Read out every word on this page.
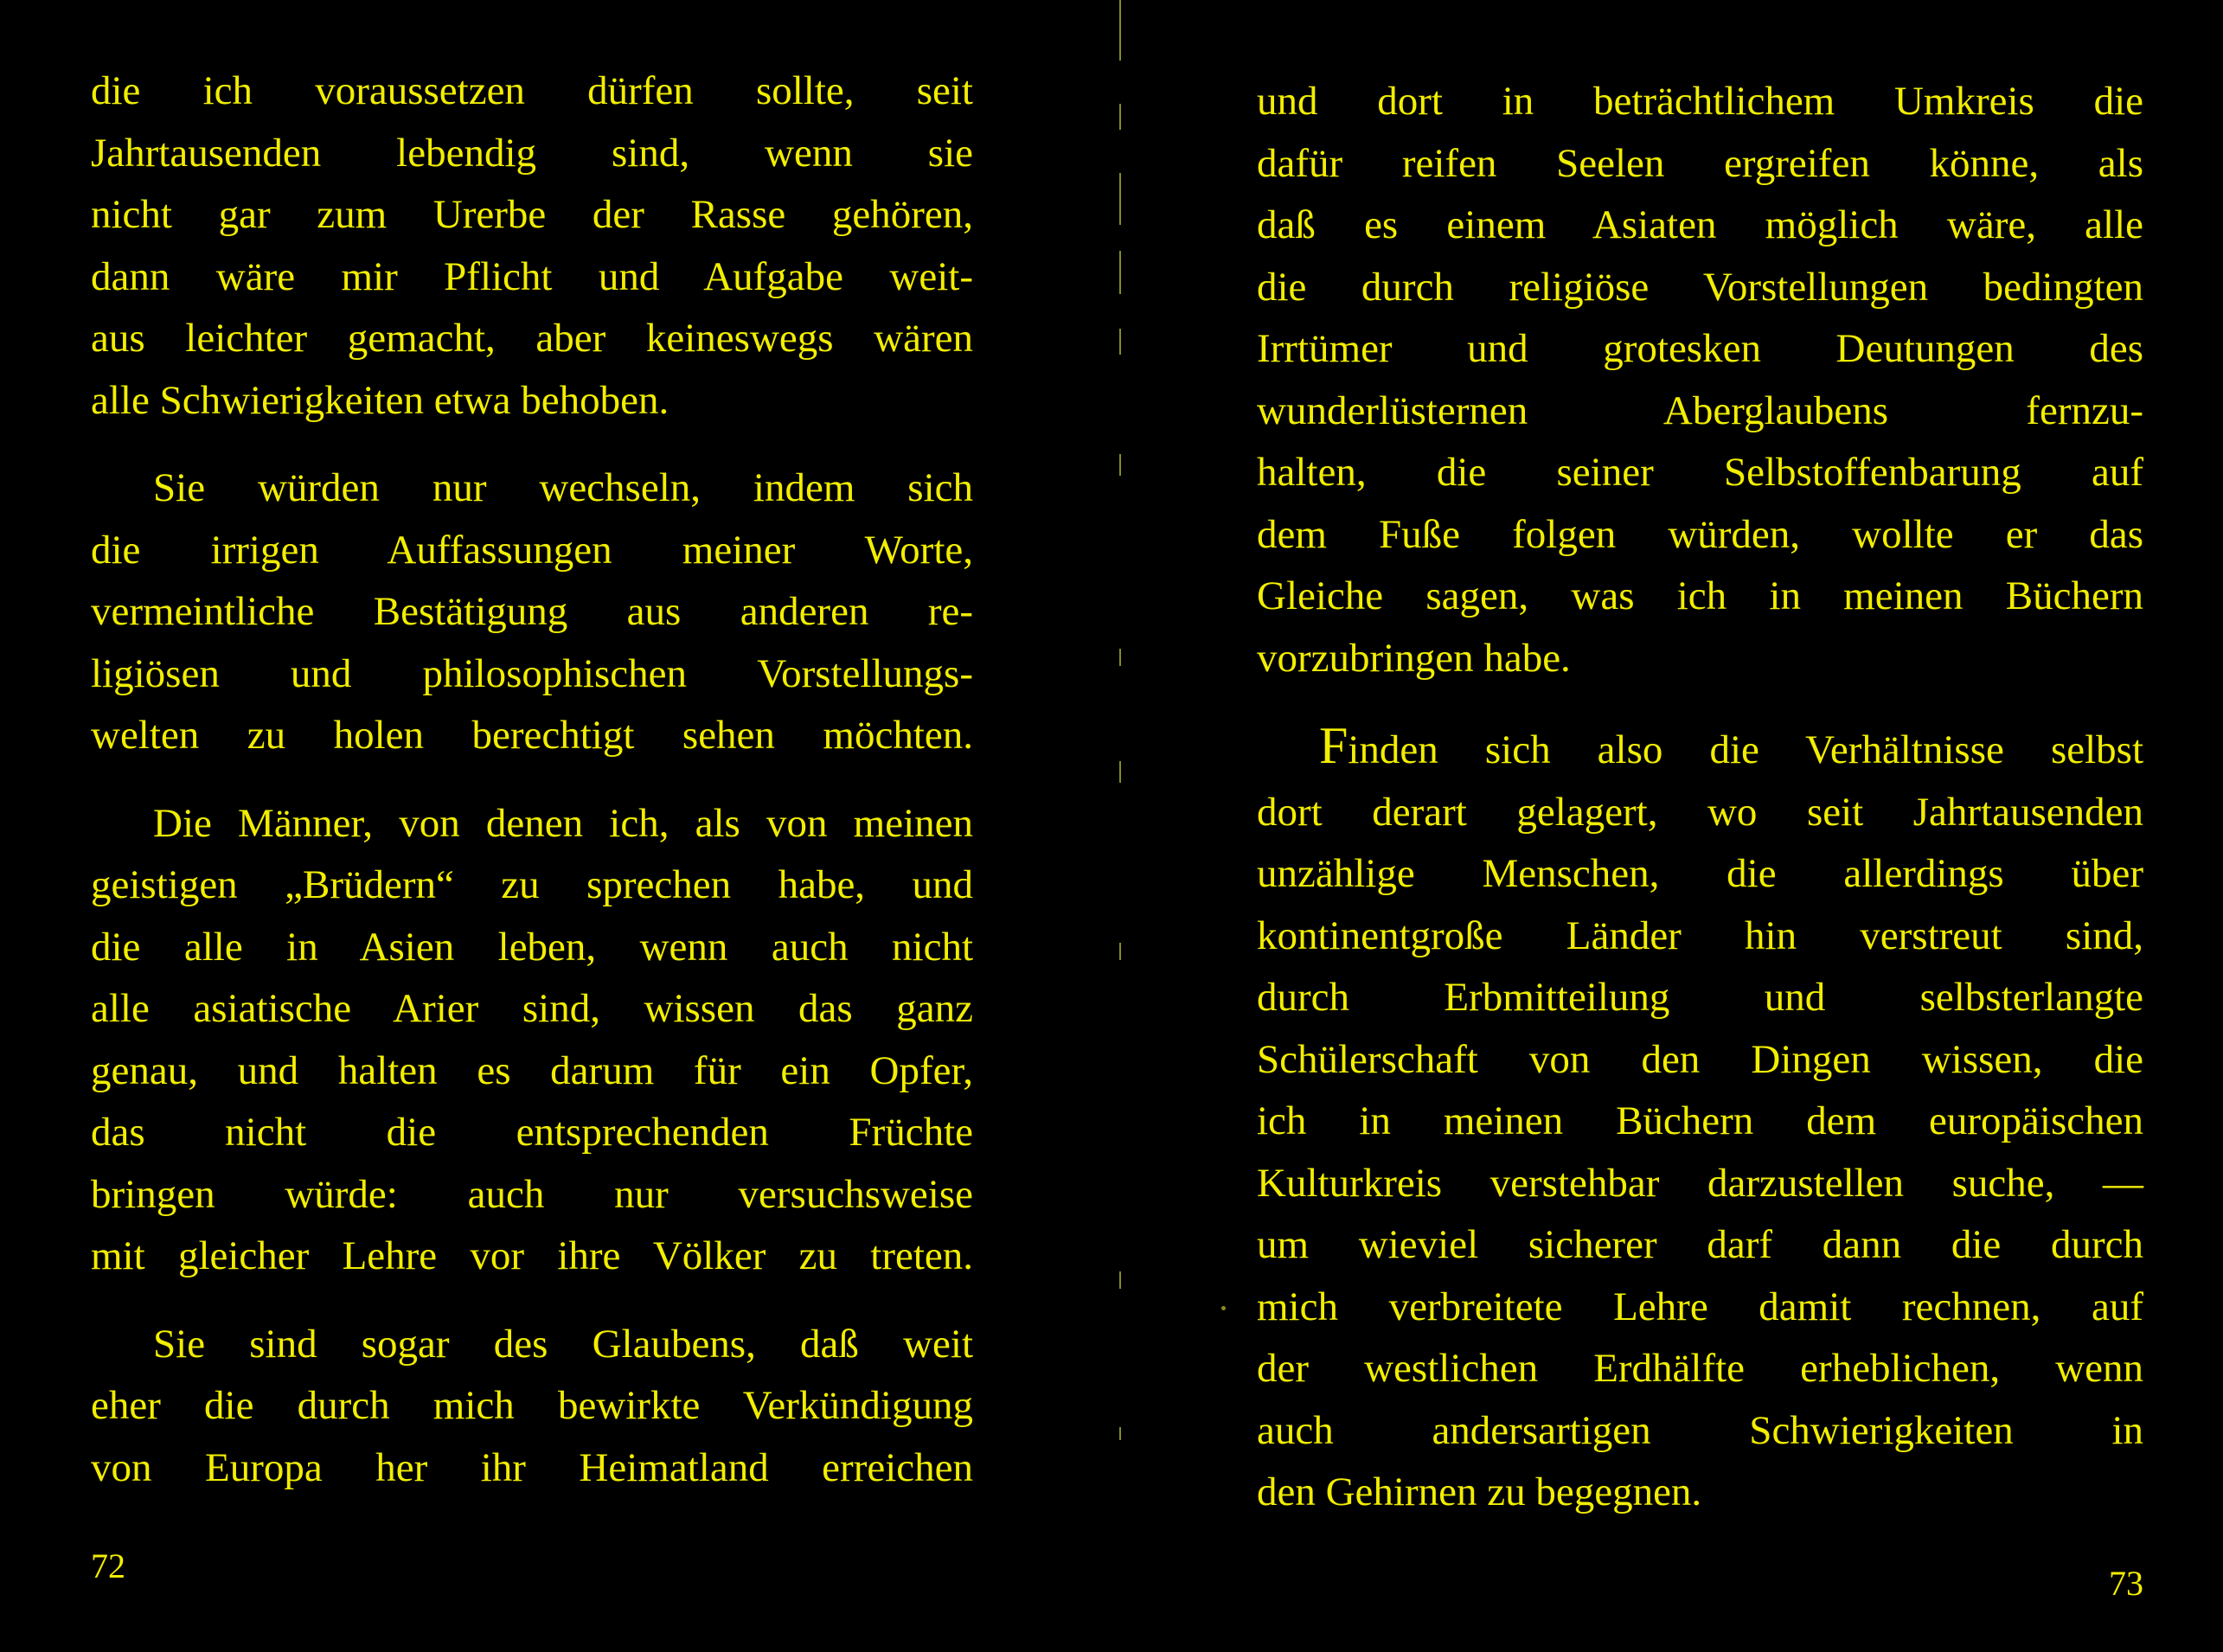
die ich voraussetzen dürfen sollte, seit
Jahrtausenden lebendig sind, wenn sie
nicht gar zum Urerbe der Rasse gehören,
dann wäre mir Pflicht und Aufgabe weit-
aus leichter gemacht, aber keineswegs wären
alle Schwierigkeiten etwa behoben.

Sie würden nur wechseln, indem sich
die irrigen Auffassungen meiner Worte,
vermeintliche Bestätigung aus anderen re-
ligiösen und philosophischen Vorstellungs-
welten zu holen berechtigt sehen möchten.

Die Männer, von denen ich, als von meinen
geistigen „Brüdern“ zu sprechen habe, und
die alle in Asien leben, wenn auch nicht
alle asiatische Arier sind, wissen das ganz
genau, und halten es darum für ein Opfer,
das nicht die entsprechenden Früchte
bringen würde: auch nur versuchsweise
mit gleicher Lehre vor ihre Völker zu treten.

Sie sind sogar des Glaubens, daß weit
eher die durch mich bewirkte Verkündigung
von Europa her ihr Heimatland erreichen

72

und dort in beträchtlichem Umkreis die
dafür reifen Seelen ergreifen könne, als
daß es einem Asiaten möglich wäre, alle
die durch religiöse Vorstellungen bedingten
Irrtümer und grotesken Deutungen des
wunderlüsternen Aberglaubens fernzu-
halten, die seiner Selbstoffenbarung auf
dem Fuße folgen würden, wollte er das
Gleiche sagen, was ich in meinen Büchern
vorzubringen habe.

Finden sich also die Verhältnisse selbst
dort derart gelagert, wo seit Jahrtausenden
unzählige Menschen, die allerdings über
kontinentgroße Länder hin verstreut sind,
durch Erbmitteilung und selbsterlangte
Schülerschaft von den Dingen wissen, die
ich in meinen Büchern dem europäischen
Kulturkreis verstehbar darzustellen suche, —
um wieviel sicherer darf dann die durch
mich verbreitete Lehre damit rechnen, auf
der westlichen Erdhälfte erheblichen, wenn
auch andersartigen Schwierigkeiten in
den Gehirnen zu begegnen.

73
